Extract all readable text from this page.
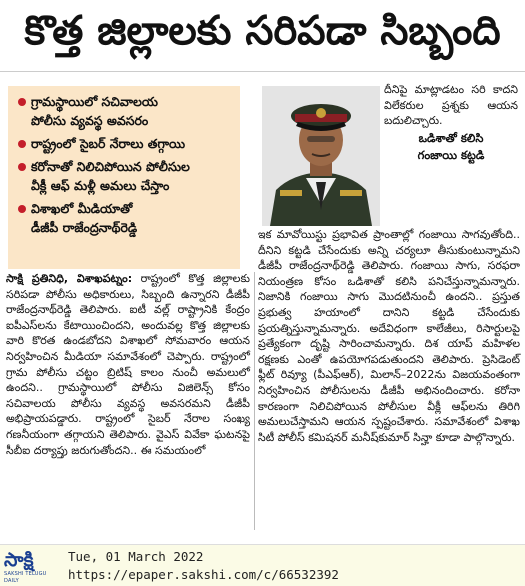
కొత్త జిల్లాలకు సరిపడా సిబ్బంది
గ్రామస్థాయిలో సచివాలయ
పోలీసు వ్యవస్థ అవసరం
రాష్ట్రంలో సైబర్ నేరాలు తగ్గాయి
కరోనాతో నిలిచిపోయిన పోలీసుల
వీక్లీ ఆఫ్ మళ్లీ అమలు చేస్తాం
విశాఖలో మీడియాతో
డీజీపీ రాజేంద్రనాథ్‌రెడ్డి

దీనిపై మాట్లాడటం సరి కాదని విలేకరుల ప్రశ్నకు ఆయన బదులిచ్చారు.

ఒడిశాతో కలిసి
గంజాయి కట్టడి

ఇక మావోయిస్టు ప్రభావిత ప్రాంతాల్లో గంజాయి సాగవుతోంది.. దీనిని కట్టడి చేసేందుకు అన్ని చర్యలూ తీసుకుంటున్నామని డీజీపీ రాజేంద్రనాథ్‌రెడ్డి తెలిపారు. గంజాయి సాగు, సరఫరా నియంత్రణ కోసం ఒడిశాతో కలిసి పనిచేస్తున్నామన్నారు. నిజానికి గంజాయి సాగు మొదటినుంచీ ఉందని.. ప్రస్తుత ప్రభుత్వ హయాంలో దానిని కట్టడి చేసేందుకు ప్రయత్నిస్తున్నామన్నారు. అదేవిధంగా కాలేజీలు, రిసార్టులపై ప్రత్యేకంగా దృష్టి సారించామన్నారు. దిశ యాప్ మహిళల రక్షణకు ఎంతో ఉపయోగపడుతుందని తెలిపారు. ప్రెసిడెంట్ ఫ్లీట్ రివ్యూ (పీఎఫ్ఆర్), మిలాన్–2022ను విజయవంతంగా నిర్వహించిన పోలీసులను డీజీపీ అభినందించారు. కరోనా కారణంగా నిలిచిపోయిన పోలీసుల వీక్లీ ఆఫ్‌లను తిరిగి అమలుచేస్తామని ఆయన స్పష్టంచేశారు. సమావేశంలో విశాఖ సిటీ పోలీస్ కమిషనర్ మనీష్‌కుమార్ సిన్హా కూడా పాల్గొన్నారు.

సాక్షి ప్రతినిధి, విశాఖపట్నం: రాష్ట్రంలో కొత్త జిల్లాలకు సరిపడా పోలీసు అధికారులు, సిబ్బంది ఉన్నారని డీజీపీ రాజేంద్రనాథ్‌రెడ్డి తెలిపారు. ఐటీ వల్ల్ రాష్ట్రానికి కేంద్రం ఐపీఎస్‌లను కేటాయించిందని, అందువల్ల కొత్త జిల్లాలకు వారి కొరత ఉండబోదని విశాఖలో సోమవారం ఆయన నిర్వహించిన మీడియా సమావేశంలో చెప్పారు. రాష్ట్రంలో గ్రామ పోలీసు చట్టం బ్రిటిష్ కాలం నుంచీ అమలులో ఉందని.. గ్రామస్థాయిలో పోలీసు విజిలెన్స్ కోసం సచివాలయ పోలీసు వ్యవస్థ అవసరమని డీజీపీ అభిప్రాయపడ్డారు. రాష్ట్రంలో సైబర్ నేరాల సంఖ్య గణనీయంగా తగ్గాయని తెలిపారు. వైఎస్ వివేకా ఘటనపై సీబీఐ దర్యాప్తు జరుగుతోందని.. ఈ సమయంలో

సాక్షి
SAKSHI TELUGU DAILY
Tue, 01 March 2022
https://epaper.sakshi.com/c/66532392
